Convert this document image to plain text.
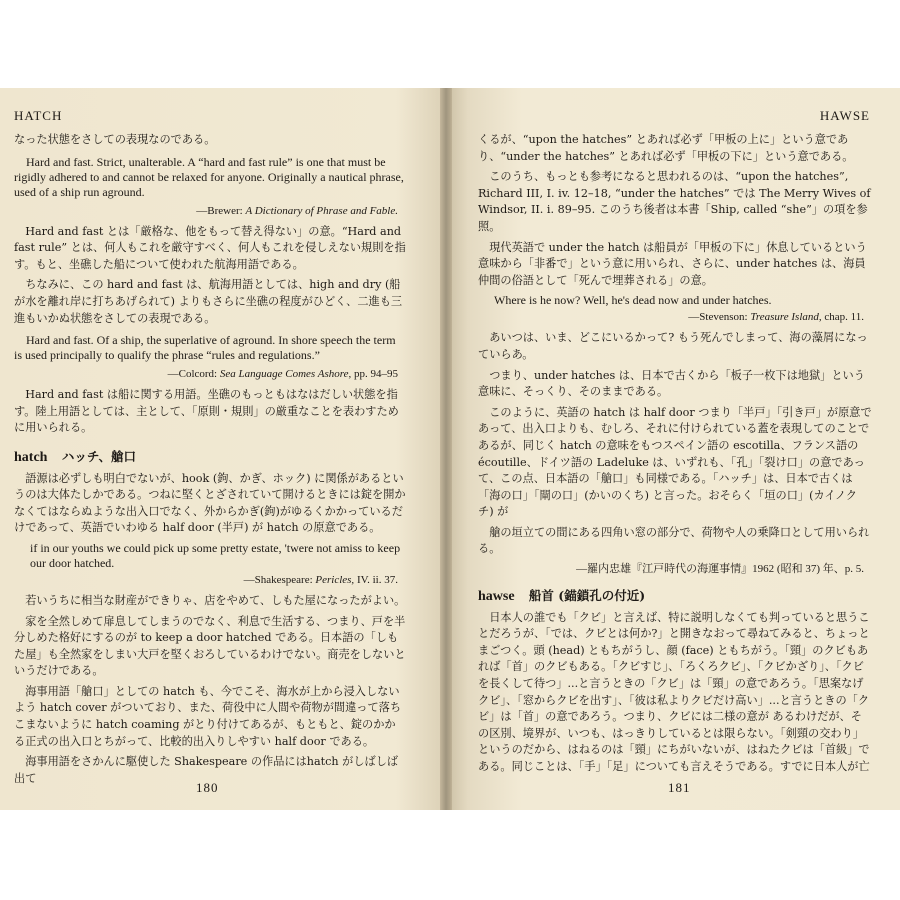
HATCH

なった状態をさしての表現なのである。

Hard and fast. Strict, unalterable. A “hard and fast rule” is one that must be rigidly adhered to and cannot be relaxed for anyone. Originally a nautical phrase, used of a ship run aground.

—Brewer: A Dictionary of Phrase and Fable.

Hard and fast とは「厳格な、他をもって替え得ない」の意。“Hard and fast rule” とは、何人もこれを厳守すべく、何人もこれを侵しえない規則を指す。もと、坐礁した船について使われた航海用語である。

ちなみに、この hard and fast は、航海用語としては、high and dry (船が水を離れ岸に打ちあげられて) よりもさらに坐礁の程度がひどく、二進も三進もいかぬ状態をさしての表現である。

Hard and fast. Of a ship, the superlative of aground. In shore speech the term is used principally to qualify the phrase “rules and regulations.”

—Colcord: Sea Language Comes Ashore, pp. 94–95

Hard and fast は船に関する用語。坐礁のもっともはなはだしい状態を指す。陸上用語としては、主として、「原則・規則」の厳重なことを表わすために用いられる。

hatch ハッチ、艙口

語源は必ずしも明白でないが、hook (鉤、かぎ、ホック) に関係があるというのは大体たしかである。つねに堅くとざされていて開けるときには錠を開かなくてはならぬような出入口でなく、外からかぎ(鉤)がゆるくかかっているだけであって、英語でいわゆる half door (半戸) が hatch の原意である。

if in our youths we could pick up some pretty estate, 'twere not amiss to keep our door hatched.

—Shakespeare: Pericles, IV. ii. 37.

若いうちに相当な財産ができりゃ、店をやめて、しもた屋になったがよい。

家を全然しめて扉息してしまうのでなく、利息で生活する、つまり、戸を半分しめた格好にするのが to keep a door hatched である。日本語の「しもた屋」も全然家をしまい大戸を堅くおろしているわけでない。商売をしないというだけである。

海事用語「艙口」としての hatch も、今でこそ、海水が上から浸入しないよう hatch cover がついており、また、荷役中に人間や荷物が間違って落ちこまないように hatch coaming がとり付けてあるが、もともと、錠のかかる正式の出入口とちがって、比較的出入りしやすい half door である。

海事用語をさかんに駆使した Shakespeare の作品にはhatch がしばしば出て

180
HAWSE

くるが、“upon the hatches” とあれば必ず「甲板の上に」という意であり、“under the hatches” とあれば必ず「甲板の下に」という意である。

このうち、もっとも参考になると思われるのは、“upon the hatches”, Richard III, I. iv. 12–18, “under the hatches” では The Merry Wives of Windsor, II. i. 89–95. このうち後者は本書「Ship, called “she”」の項を参照。

現代英語で under the hatch は船員が「甲板の下に」休息しているという意味から「非番で」という意に用いられ、さらに、under hatches は、海員仲間の俗語として「死んで埋葬される」の意。

Where is he now? Well, he's dead now and under hatches.

—Stevenson: Treasure Island, chap. 11.

あいつは、いま、どこにいるかって? もう死んでしまって、海の藻屑になっていらあ。

つまり、under hatches は、日本で古くから「板子一枚下は地獄」という意味に、そっくり、そのままである。

このように、英語の hatch は half door つまり「半戸」「引き戸」が原意であって、出入口よりも、むしろ、それに付けられている蓋を表現してのことであるが、同じく hatch の意味をもつスペイン語の escotilla、フランス語の écoutille、ドイツ語の Ladeluke は、いずれも、「孔」「裂け口」の意であって、この点、日本語の「艙口」も同様である。「ハッチ」は、日本で古くは「海の口」「閘の口」(かいのくち) と言った。おそらく「垣の口」(カイノクチ) が

艙の垣立ての間にある四角い窓の部分で、荷物や人の乗降口として用いられる。

—羅内忠雄『江戸時代の海運事情』1962 (昭和 37) 年、p. 5.

hawse 船首 (錨鎖孔の付近)

日本人の誰でも「クビ」と言えば、特に説明しなくても判っていると思うことだろうが、「では、クビとは何か?」と開きなおって尋ねてみると、ちょっとまごつく。頭 (head) ともちがうし、顔 (face) ともちがう。「頸」のクビもあれば「首」のクビもある。「クビすじ」、「ろくろクビ」、「クビかざり」、「クビを長くして待つ」...と言うときの「クビ」は「頸」の意であろう。「思案なげクビ」、「窓からクビを出す」、「彼は私よりクビだけ高い」...と言うときの「クビ」は「首」の意であろう。つまり、クビには二様の意が あるわけだが、その区別、境界が、いつも、はっきりしているとは限らない。「剣頸の交わり」というのだから、はねるのは「頸」にちがいないが、はねたクビは「首級」である。同じことは、「手」「足」についても言えそうである。すでに日本人が亡

181
